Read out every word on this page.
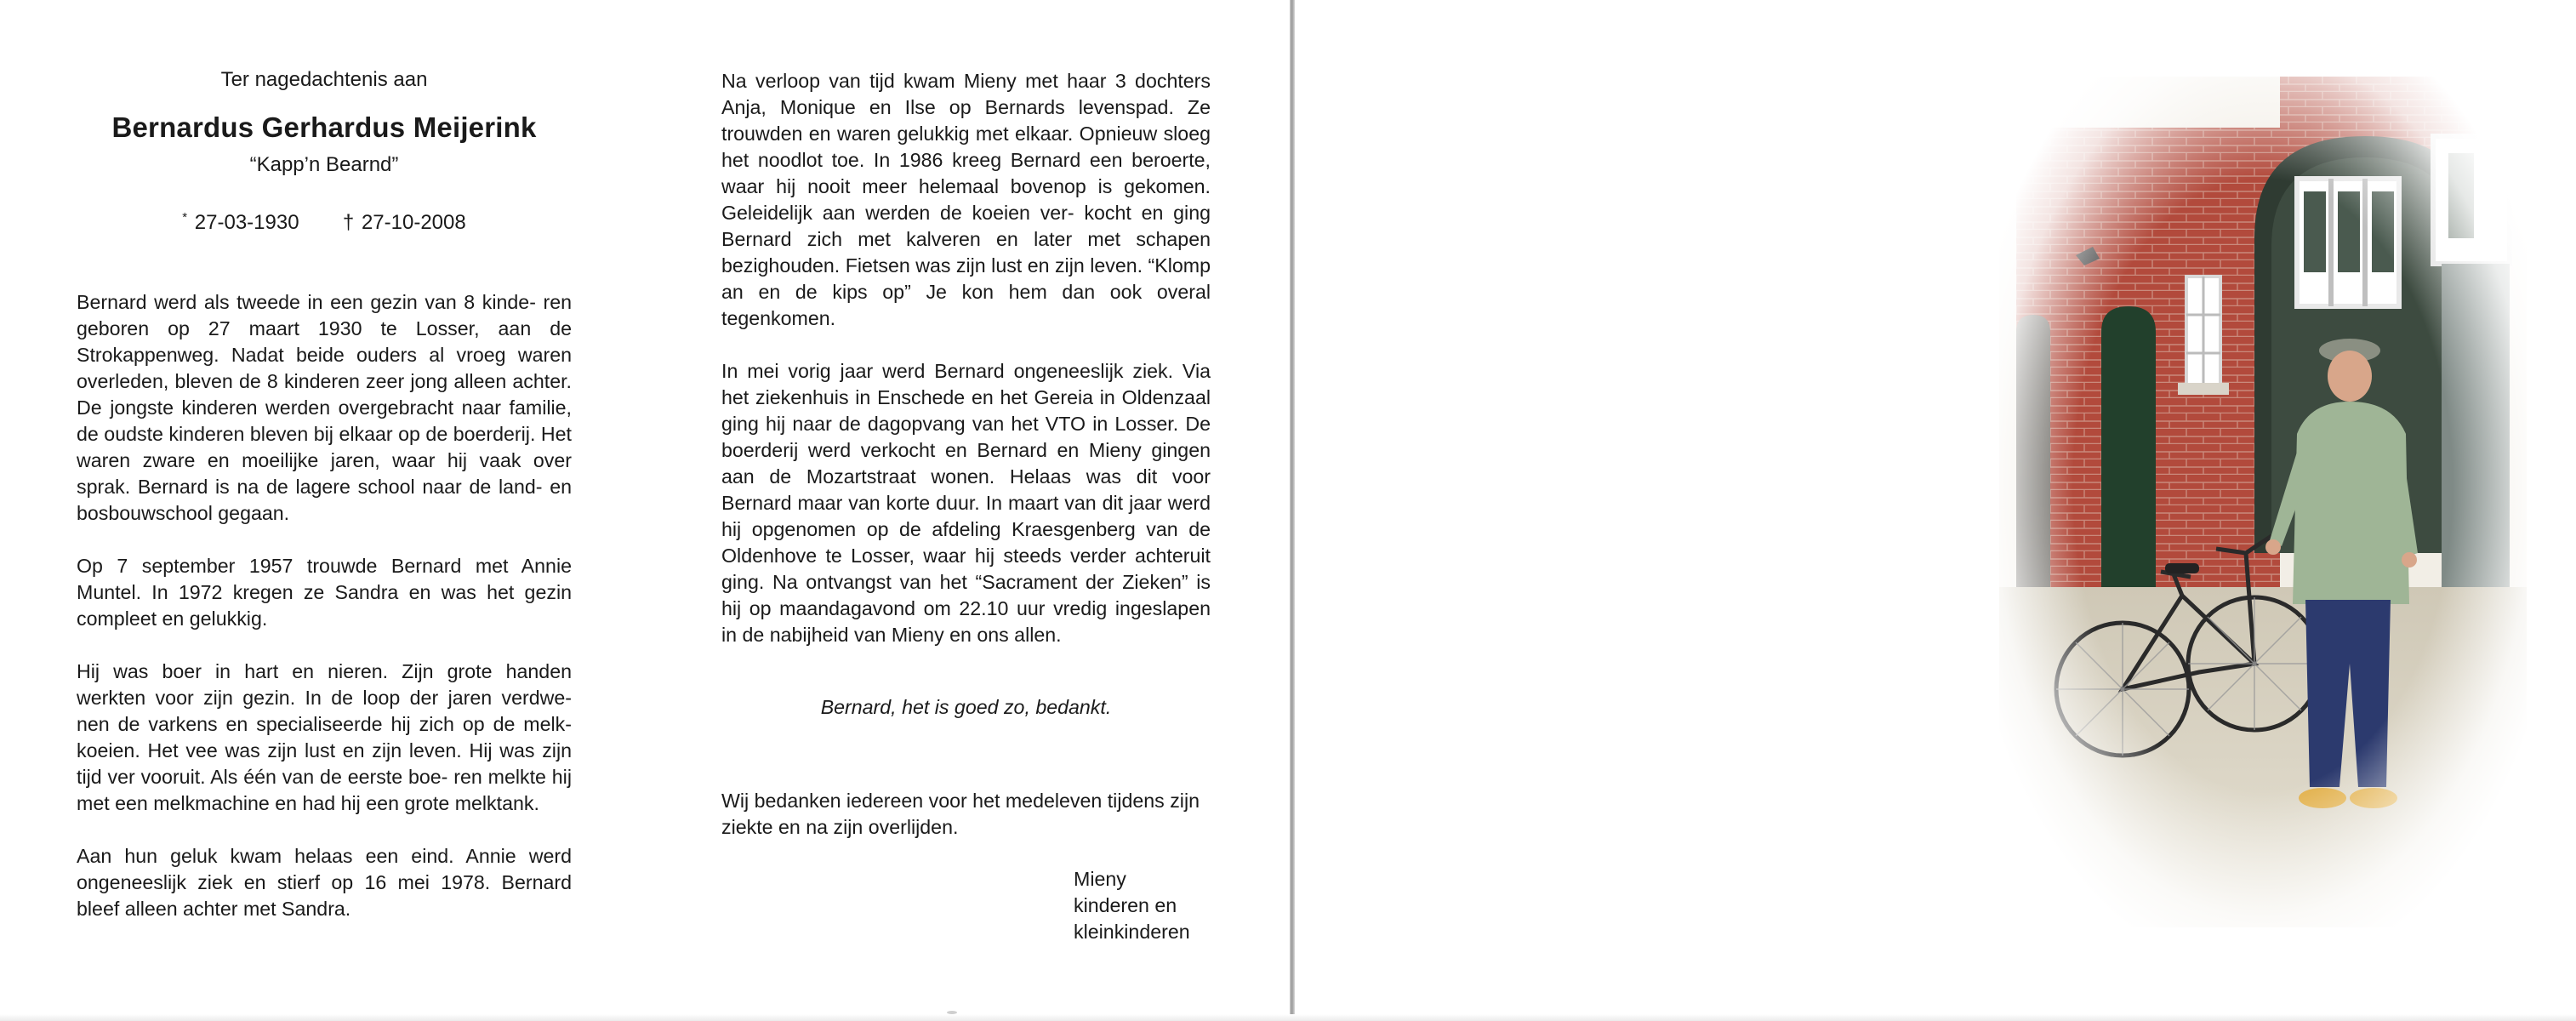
Ter nagedachtenis aan
Bernardus Gerhardus Meijerink
“Kapp’n Bearnd”
* 27-03-1930 † 27-10-2008

Bernard werd als tweede in een gezin van 8 kinde- ren geboren op 27 maart 1930 te Losser, aan de Strokappenweg. Nadat beide ouders al vroeg waren overleden, bleven de 8 kinderen zeer jong alleen achter. De jongste kinderen werden overgebracht naar familie, de oudste kinderen bleven bij elkaar op de boerderij. Het waren zware en moeilijke jaren, waar hij vaak over sprak. Bernard is na de lagere school naar de land- en bosbouwschool gegaan.

Op 7 september 1957 trouwde Bernard met Annie Muntel. In 1972 kregen ze Sandra en was het gezin compleet en gelukkig.

Hij was boer in hart en nieren. Zijn grote handen werkten voor zijn gezin. In de loop der jaren verdwe- nen de varkens en specialiseerde hij zich op de melk-koeien. Het vee was zijn lust en zijn leven. Hij was zijn tijd ver vooruit. Als één van de eerste boe- ren melkte hij met een melkmachine en had hij een grote melktank.

Aan hun geluk kwam helaas een eind. Annie werd ongeneeslijk ziek en stierf op 16 mei 1978. Bernard bleef alleen achter met Sandra.

Na verloop van tijd kwam Mieny met haar 3 dochters Anja, Monique en Ilse op Bernards levenspad. Ze trouwden en waren gelukkig met elkaar. Opnieuw sloeg het noodlot toe. In 1986 kreeg Bernard een beroerte, waar hij nooit meer helemaal bovenop is gekomen. Geleidelijk aan werden de koeien ver- kocht en ging Bernard zich met kalveren en later met schapen bezighouden. Fietsen was zijn lust en zijn leven. “Klomp an en de kips op” Je kon hem dan ook overal tegenkomen.

In mei vorig jaar werd Bernard ongeneeslijk ziek. Via het ziekenhuis in Enschede en het Gereia in Oldenzaal ging hij naar de dagopvang van het VTO in Losser. De boerderij werd verkocht en Bernard en Mieny gingen aan de Mozartstraat wonen. Helaas was dit voor Bernard maar van korte duur. In maart van dit jaar werd hij opgenomen op de afdeling Kraesgenberg van de Oldenhove te Losser, waar hij steeds verder achteruit ging. Na ontvangst van het “Sacrament der Zieken” is hij op maandagavond om 22.10 uur vredig ingeslapen in de nabijheid van Mieny en ons allen.

Bernard, het is goed zo, bedankt.

Wij bedanken iedereen voor het medeleven tijdens zijn ziekte en na zijn overlijden.

Mieny
kinderen en
kleinkinderen
